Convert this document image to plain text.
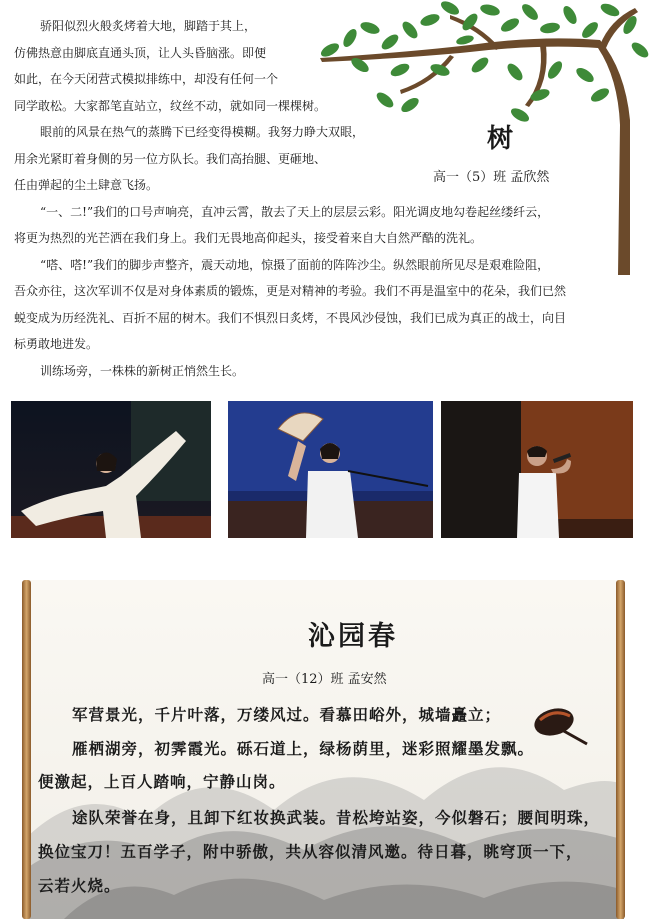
骄阳似烈火般炙烤着大地，脚踏于其上，

仿佛热意由脚底直通头顶，让人头昏脑涨。即便

如此，在今天闭营式模拟排练中，却没有任何一个

同学敢松。大家都笔直站立，纹丝不动，就如同一棵棵树。

眼前的风景在热气的蒸腾下已经变得模糊。我努力睁大双眼，

用余光紧盯着身侧的另一位方队长。我们高抬腿、更砸地、

任由弹起的尘土肆意飞扬。

“一、二!”我们的口号声响亮，直冲云霄，散去了天上的层层云彩。阳光调皮地勾卷起丝缕纤云，

将更为热烈的光芒洒在我们身上。我们无畏地高仰起头，接受着来自大自然严酷的洗礼。

“嗒、嗒!”我们的脚步声整齐，震天动地，惊摄了面前的阵阵沙尘。纵然眼前所见尽是艰难险阻，

吾众亦往，这次军训不仅是对身体素质的锻炼，更是对精神的考验。我们不再是温室中的花朵，我们已然

蜕变成为历经洗礼、百折不屈的树木。我们不惧烈日炙烤，不畏风沙侵蚀，我们已成为真正的战士，向目

标勇敢地进发。

训练场旁，一株株的新树正悄然生长。

树
高一（5）班 孟欣然
沁园春
高一（12）班 孟安然

军营景光，千片叶落，万缕风过。看慕田峪外，城墙矗立；

雁栖湖旁，初霁霞光。砾石道上，绿杨荫里，迷彩照耀墨发飘。

便激起，上百人踏响，宁静山岗。

途队荣誉在身，且卸下红妆换武装。昔松垮站姿，今似磐石；腰间明珠，

换位宝刀！五百学子，附中骄傲，共从容似清风邀。待日暮，眺穹顶一下，

云若火烧。
